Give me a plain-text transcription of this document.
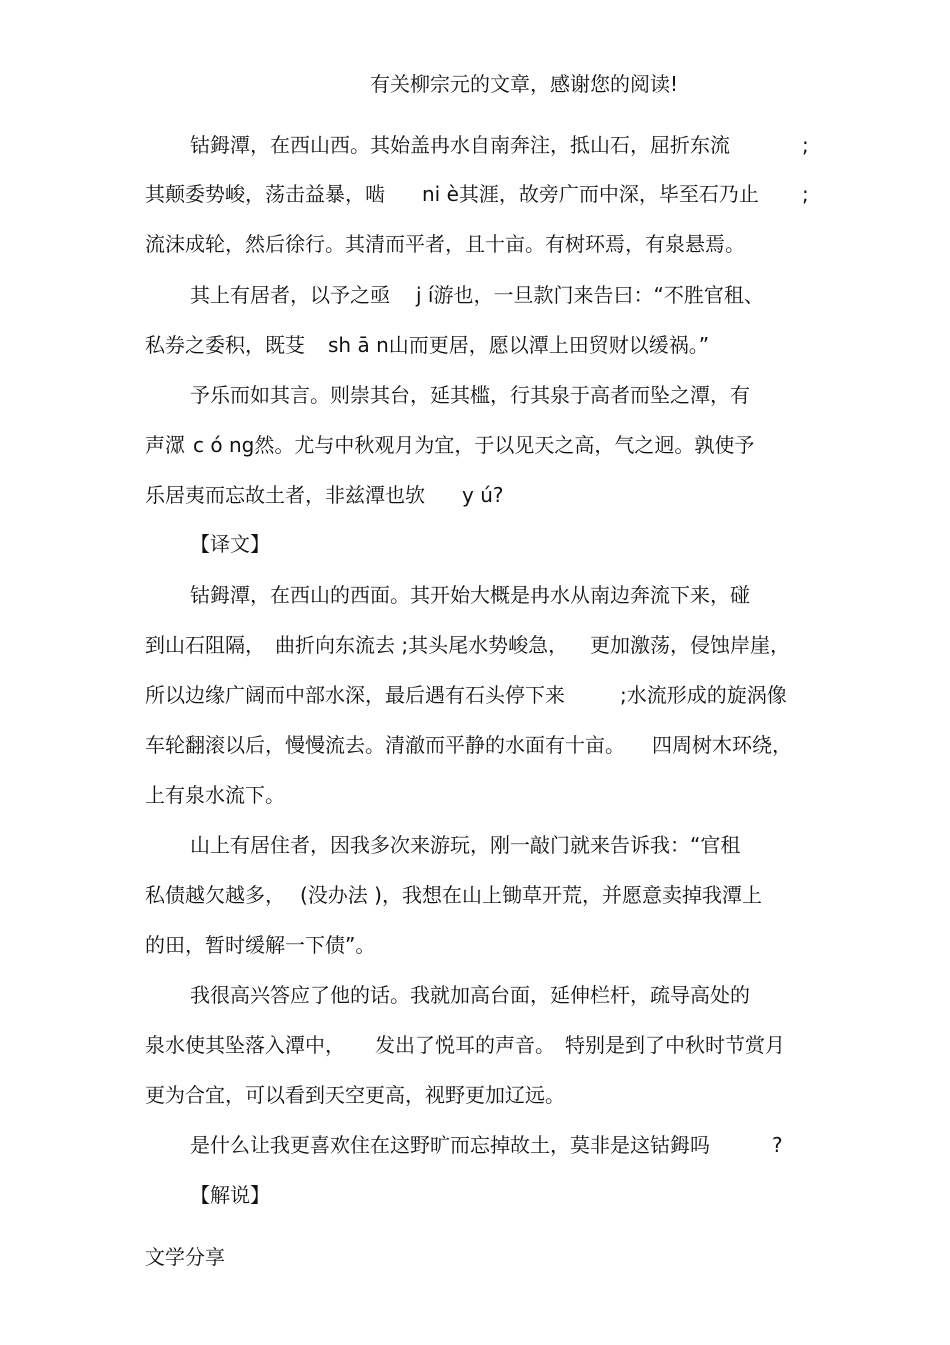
有关柳宗元的文章，感谢您的阅读!
钴鉧潭，在西山西。其始盖冉水自南奔注，抵山石，屈折东流	;
其颠委势峻，荡击益暴，啮 ni è其涯，故旁广而中深，毕至石乃止 ;
流沫成轮，然后徐行。其清而平者，且十亩。有树环焉，有泉悬焉。
其上有居者，以予之亟 j í游也，一旦款门来告曰：“不胜官租、
私券之委积，既芟 sh ā n山而更居，愿以潭上田贸财以缓祸。”
予乐而如其言。则崇其台，延其槛，行其泉于高者而坠之潭，有
声潀 c ó ng然。尤与中秋观月为宜，于以见天之高，气之迥。孰使予
乐居夷而忘故土者，非兹潭也欤 y ú?
【译文】
钴鉧潭，在西山的西面。其开始大概是冉水从南边奔流下来，碰
到山石阻隔， 曲折向东流去 ;其头尾水势峻急， 更加激荡，侵蚀岸崖，
所以边缘广阔而中部水深，最后遇有石头停下来	;水流形成的旋涡像
车轮翻滚以后，慢慢流去。清澈而平静的水面有十亩。 四周树木环绕，
上有泉水流下。
山上有居住者，因我多次来游玩，刚一敲门就来告诉我：“官租
私债越欠越多， (没办法 )，我想在山上锄草开荒，并愿意卖掉我潭上
的田，暂时缓解一下债”。
我很高兴答应了他的话。我就加高台面，延伸栏杆，疏导高处的
泉水使其坠落入潭中， 发出了悦耳的声音。 特别是到了中秋时节赏月
更为合宜，可以看到天空更高，视野更加辽远。
是什么让我更喜欢住在这野旷而忘掉故土，莫非是这钴鉧吗	?
【解说】
文学分享
